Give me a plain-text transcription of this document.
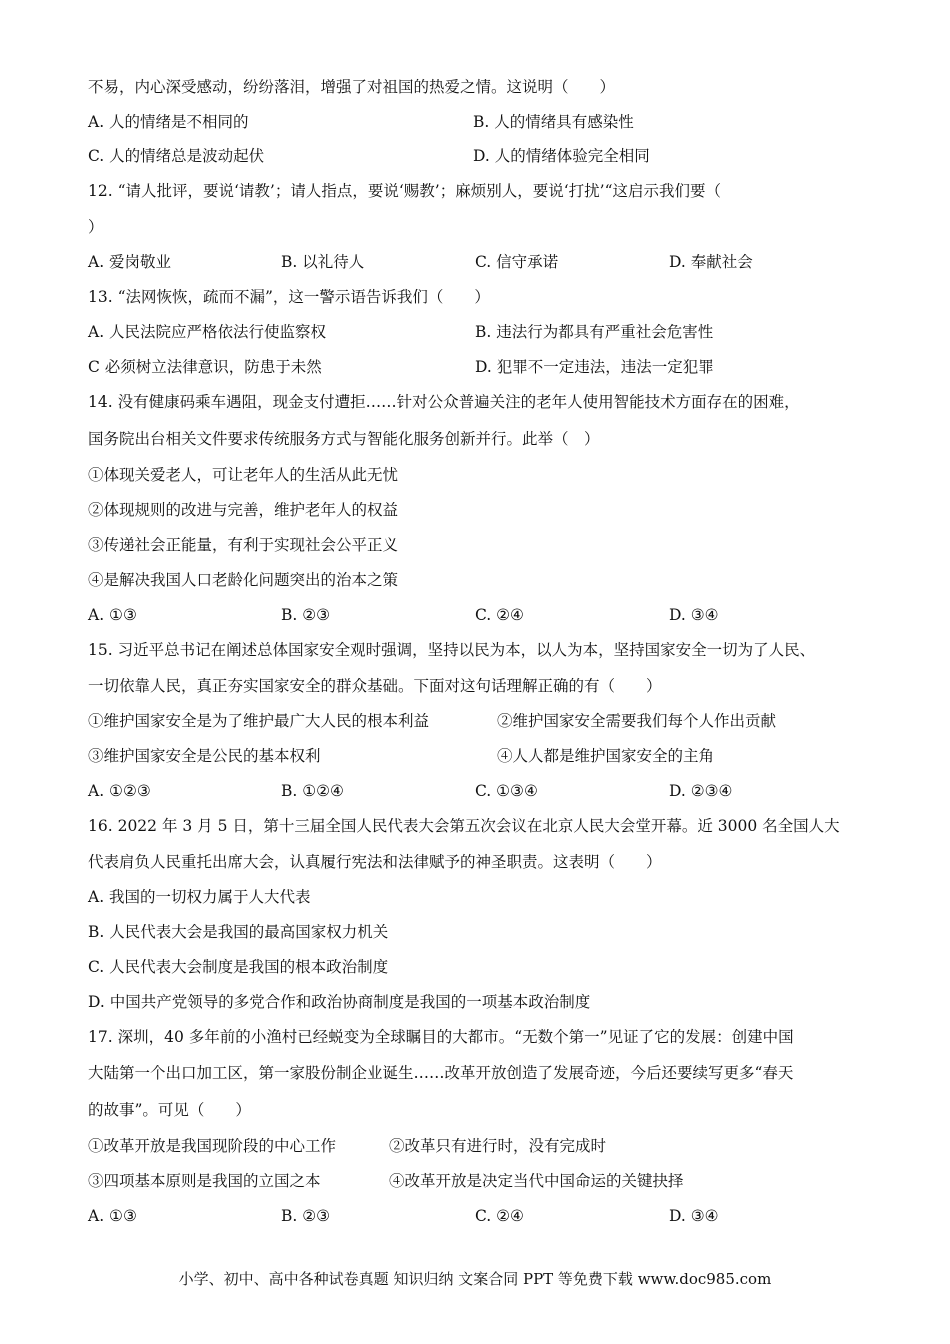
不易，内心深受感动，纷纷落泪，增强了对祖国的热爱之情。这说明（　　）
A. 人的情绪是不相同的	B. 人的情绪具有感染性
C. 人的情绪总是波动起伏	D. 人的情绪体验完全相同
12. “请人批评，要说‘请教’；请人指点，要说‘赐教’；麻烦别人，要说‘打扰’“这启示我们要（
）
A. 爱岗敬业	B. 以礼待人	C. 信守承诺	D. 奉献社会
13. “法网恢恢，疏而不漏”，这一警示语告诉我们（　　）
A. 人民法院应严格依法行使监察权	B. 违法行为都具有严重社会危害性
C 必须树立法律意识，防患于未然	D. 犯罪不一定违法，违法一定犯罪
14. 没有健康码乘车遇阻，现金支付遭拒……针对公众普遍关注的老年人使用智能技术方面存在的困难，
国务院出台相关文件要求传统服务方式与智能化服务创新并行。此举（　）
①体现关爱老人，可让老年人的生活从此无忧
②体现规则的改进与完善，维护老年人的权益
③传递社会正能量，有利于实现社会公平正义
④是解决我国人口老龄化问题突出的治本之策
A. ①③	B. ②③	C. ②④	D. ③④
15. 习近平总书记在阐述总体国家安全观时强调，坚持以民为本，以人为本，坚持国家安全一切为了人民、
一切依靠人民，真正夯实国家安全的群众基础。下面对这句话理解正确的有（　　）
①维护国家安全是为了维护最广大人民的根本利益	②维护国家安全需要我们每个人作出贡献
③维护国家安全是公民的基本权利	④人人都是维护国家安全的主角
A. ①②③	B. ①②④	C. ①③④	D. ②③④
16. 2022 年 3 月 5 日，第十三届全国人民代表大会第五次会议在北京人民大会堂开幕。近 3000 名全国人大
代表肩负人民重托出席大会，认真履行宪法和法律赋予的神圣职责。这表明（　　）
A. 我国的一切权力属于人大代表
B. 人民代表大会是我国的最高国家权力机关
C. 人民代表大会制度是我国的根本政治制度
D. 中国共产党领导的多党合作和政治协商制度是我国的一项基本政治制度
17. 深圳，40 多年前的小渔村已经蜕变为全球瞩目的大都市。“无数个第一”见证了它的发展：创建中国
大陆第一个出口加工区，第一家股份制企业诞生……改革开放创造了发展奇迹，今后还要续写更多“春天
的故事”。可见（　　）
①改革开放是我国现阶段的中心工作	②改革只有进行时，没有完成时
③四项基本原则是我国的立国之本	④改革开放是决定当代中国命运的关键抉择
A. ①③	B. ②③	C. ②④	D. ③④
小学、初中、高中各种试卷真题 知识归纳 文案合同 PPT 等免费下载 www.doc985.com
